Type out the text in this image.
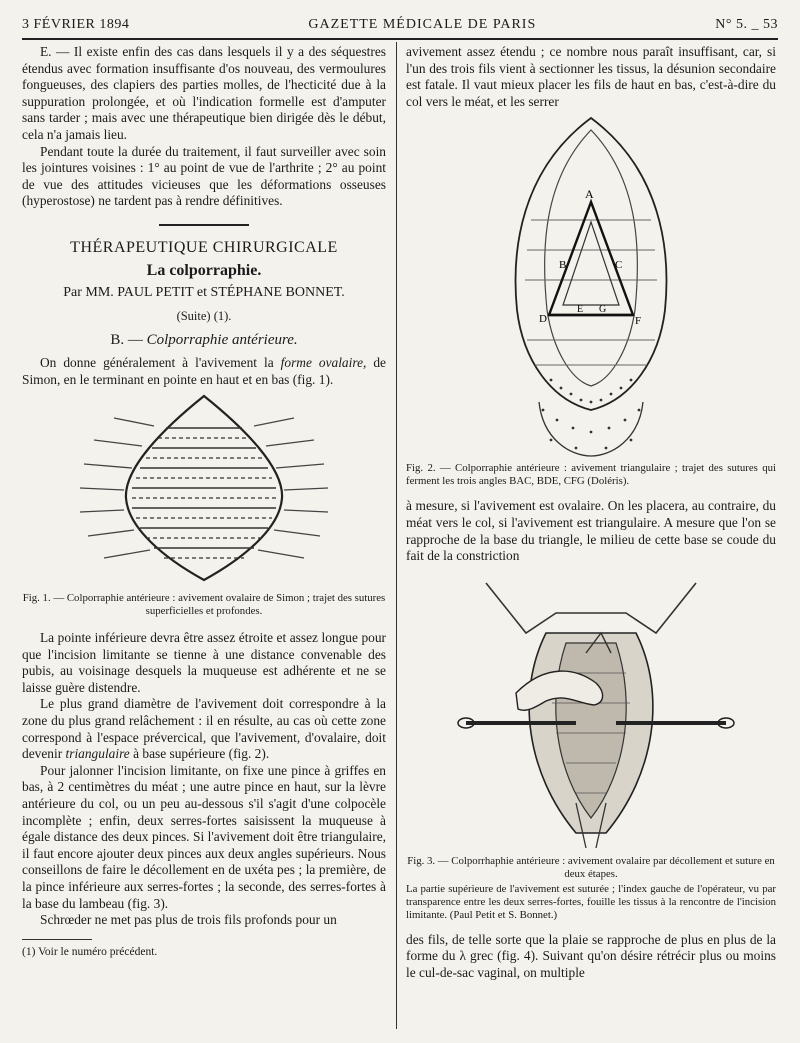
3 FÉVRIER 1894	GAZETTE MÉDICALE DE PARIS	N° 5. _ 53

E. — Il existe enfin des cas dans lesquels il y a des séquestres étendus avec formation insuffisante d'os nouveau, des vermoulures fongueuses, des clapiers des parties molles, de l'hecticité due à la suppuration prolongée, et où l'indication formelle est d'amputer sans tarder ; mais avec une thérapeutique bien dirigée dès le début, cela n'a jamais lieu.

Pendant toute la durée du traitement, il faut surveiller avec soin les jointures voisines : 1° au point de vue de l'arthrite ; 2° au point de vue des attitudes vicieuses que les déformations osseuses (hyperostose) ne tardent pas à rendre définitives.

THÉRAPEUTIQUE CHIRURGICALE
La colporraphie.
Par MM. PAUL PETIT et STÉPHANE BONNET.
(Suite) (1).
B. — Colporraphie antérieure.

On donne généralement à l'avivement la forme ovalaire, de Simon, en le terminant en pointe en haut et en bas (fig. 1).

Fig. 1. — Colporraphie antérieure : avivement ovalaire de Simon ; trajet des sutures superficielles et profondes.

La pointe inférieure devra être assez étroite et assez longue pour que l'incision limitante se tienne à une distance convenable des pubis, au voisinage desquels la muqueuse est adhérente et ne se laisse guère distendre.

Le plus grand diamètre de l'avivement doit correspondre à la zone du plus grand relâchement : il en résulte, au cas où cette zone correspond à l'espace prévercical, que l'avivement, d'ovalaire, doit devenir triangulaire à base supérieure (fig. 2).

Pour jalonner l'incision limitante, on fixe une pince à griffes en bas, à 2 centimètres du méat ; une autre pince en haut, sur la lèvre antérieure du col, ou un peu au-dessous s'il s'agit d'une colpocèle incomplète ; enfin, deux serres-fortes saisissent la muqueuse à égale distance des deux pinces. Si l'avivement doit être triangulaire, il faut encore ajouter deux pinces aux deux angles supérieurs. Nous conseillons de faire le décollement en de uxéta pes ; la première, de la pince inférieure aux serres-fortes ; la seconde, des serres-fortes à la base du lambeau (fig. 3).

Schrœder ne met pas plus de trois fils profonds pour un

(1) Voir le numéro précédent.

avivement assez étendu ; ce nombre nous paraît insuffisant, car, si l'un des trois fils vient à sectionner les tissus, la désunion secondaire est fatale. Il vaut mieux placer les fils de haut en bas, c'est-à-dire du col vers le méat, et les serrer

A
B	C
D
E G
F
Fig. 2. — Colporraphie antérieure : avivement triangulaire ; trajet des sutures qui ferment les trois angles BAC, BDE, CFG (Doléris).

à mesure, si l'avivement est ovalaire. On les placera, au contraire, du méat vers le col, si l'avivement est triangulaire. A mesure que l'on se rapproche de la base du triangle, le milieu de cette base se coude du fait de la constriction

Fig. 3. — Colporrhaphie antérieure : avivement ovalaire par décollement et suture en deux étapes.
La partie supérieure de l'avivement est suturée ; l'index gauche de l'opérateur, vu par transparence entre les deux serres-fortes, fouille les tissus à la rencontre de l'incision limitante. (Paul Petit et S. Bonnet.)

des fils, de telle sorte que la plaie se rapproche de plus en plus de la forme du λ grec (fig. 4). Suivant qu'on désire rétrécir plus ou moins le cul-de-sac vaginal, on multiple
